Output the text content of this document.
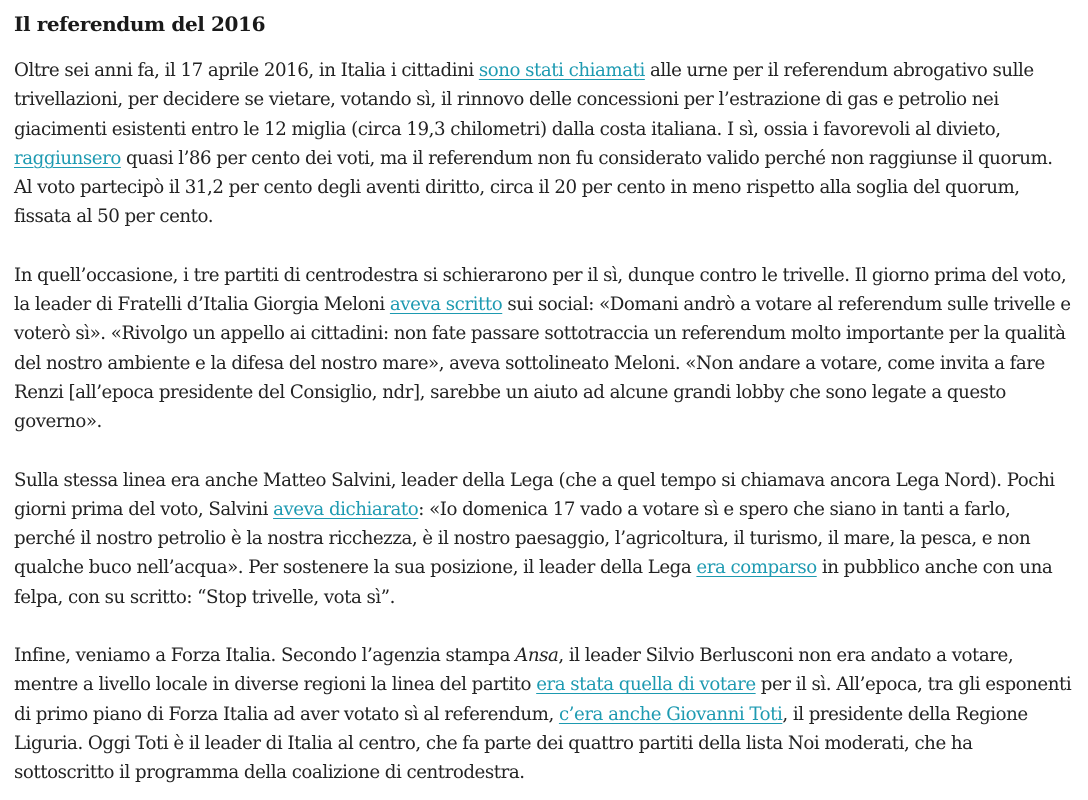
Il referendum del 2016

Oltre sei anni fa, il 17 aprile 2016, in Italia i cittadini sono stati chiamati alle urne per il referendum abrogativo sulle trivellazioni, per decidere se vietare, votando sì, il rinnovo delle concessioni per l’estrazione di gas e petrolio nei giacimenti esistenti entro le 12 miglia (circa 19,3 chilometri) dalla costa italiana. I sì, ossia i favorevoli al divieto, raggiunsero quasi l’86 per cento dei voti, ma il referendum non fu considerato valido perché non raggiunse il quorum. Al voto partecipò il 31,2 per cento degli aventi diritto, circa il 20 per cento in meno rispetto alla soglia del quorum, fissata al 50 per cento.

In quell’occasione, i tre partiti di centrodestra si schierarono per il sì, dunque contro le trivelle. Il giorno prima del voto, la leader di Fratelli d’Italia Giorgia Meloni aveva scritto sui social: «Domani andrò a votare al referendum sulle trivelle e voterò sì». «Rivolgo un appello ai cittadini: non fate passare sottotraccia un referendum molto importante per la qualità del nostro ambiente e la difesa del nostro mare», aveva sottolineato Meloni. «Non andare a votare, come invita a fare Renzi [all’epoca presidente del Consiglio, ndr], sarebbe un aiuto ad alcune grandi lobby che sono legate a questo governo».

Sulla stessa linea era anche Matteo Salvini, leader della Lega (che a quel tempo si chiamava ancora Lega Nord). Pochi giorni prima del voto, Salvini aveva dichiarato: «Io domenica 17 vado a votare sì e spero che siano in tanti a farlo, perché il nostro petrolio è la nostra ricchezza, è il nostro paesaggio, l’agricoltura, il turismo, il mare, la pesca, e non qualche buco nell’acqua». Per sostenere la sua posizione, il leader della Lega era comparso in pubblico anche con una felpa, con su scritto: “Stop trivelle, vota sì”.

Infine, veniamo a Forza Italia. Secondo l’agenzia stampa Ansa, il leader Silvio Berlusconi non era andato a votare, mentre a livello locale in diverse regioni la linea del partito era stata quella di votare per il sì. All’epoca, tra gli esponenti di primo piano di Forza Italia ad aver votato sì al referendum, c’era anche Giovanni Toti, il presidente della Regione Liguria. Oggi Toti è il leader di Italia al centro, che fa parte dei quattro partiti della lista Noi moderati, che ha sottoscritto il programma della coalizione di centrodestra.
